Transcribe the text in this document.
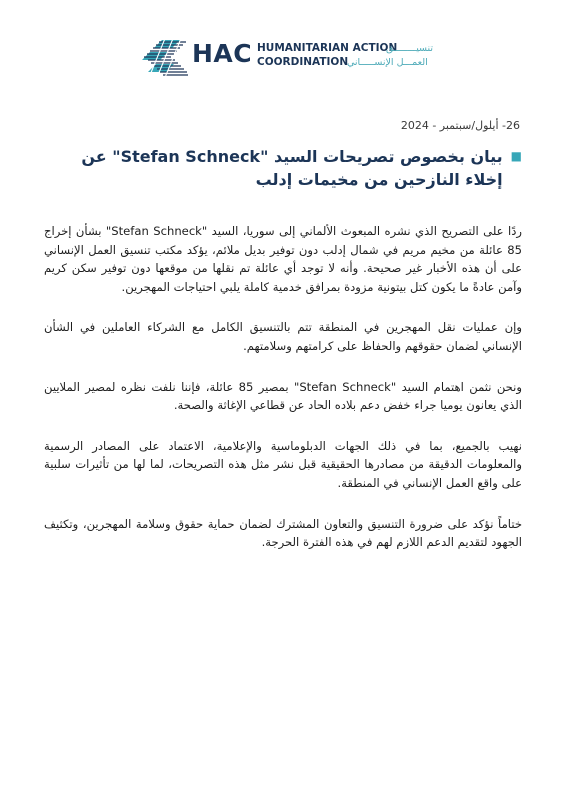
HAC HUMANITARIAN ACTION
COORDINATION
تنسيــــــــق
العمـــل الإنســـــاني
26- أيلول/سبتمبر - 2024
■
بيان بخصوص تصريحات السيد "Stefan Schneck" عن إخلاء النازحين من مخيمات إدلب

ردًا على التصريح الذي نشره المبعوث الألماني إلى سوريا، السيد "Stefan Schneck" بشأن إخراج 85 عائلة من مخيم مريم في شمال إدلب دون توفير بديل ملائم، يؤكد مكتب تنسيق العمل الإنساني على أن هذه الأخبار غير صحيحة. وأنه لا توجد أي عائلة تم نقلها من موقعها دون توفير سكن كريم وآمن عادةً ما يكون كتل بيتونية مزودة بمرافق خدمية كاملة يلبي احتياجات المهجرين.

وإن عمليات نقل المهجرين في المنطقة تتم بالتنسيق الكامل مع الشركاء العاملين في الشأن الإنساني لضمان حقوقهم والحفاظ على كرامتهم وسلامتهم.

ونحن نثمن اهتمام السيد "Stefan Schneck" بمصير 85 عائلة، فإننا نلفت نظره لمصير الملايين الذي يعانون يوميا جراء خفض دعم بلاده الحاد عن قطاعي الإغاثة والصحة.

نهيب بالجميع، بما في ذلك الجهات الدبلوماسية والإعلامية، الاعتماد على المصادر الرسمية والمعلومات الدقيقة من مصادرها الحقيقية قبل نشر مثل هذه التصريحات، لما لها من تأثيرات سلبية على واقع العمل الإنساني في المنطقة.

ختاماً نؤكد على ضرورة التنسيق والتعاون المشترك لضمان حماية حقوق وسلامة المهجرين، وتكثيف الجهود لتقديم الدعم اللازم لهم في هذه الفترة الحرجة.
